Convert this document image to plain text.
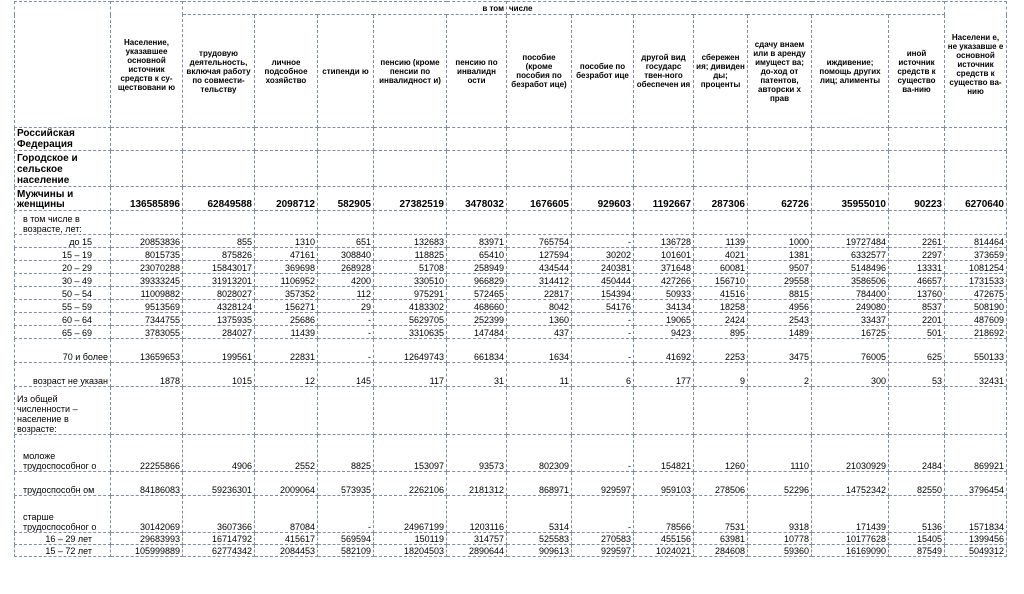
	Население, указавшее основной источник средств к су-ществовани ю	в том					числе							Населени е, не указавше е основной источник средств к существо ва-нию
		трудовую деятельность, включая работу по совмести-тельству	личное подсобное хозяйство	стипенди ю	пенсию (кроме пенсии по инвалидност и)	пенсию по инвалидн ости	пособие (кроме пособия по безработ ице)	пособие по безработ ице	другой вид государс твен-ного обеспечен ия	сбережен ия; дивиден ды; проценты	сдачу внаем или в аренду имущест ва; до-ход от патентов, авторски х прав	иждивение; помощь других лиц; алименты	иной источник средств к существо ва-нию	
Российская Федерация														
Городское и сельское население														
Мужчины и женщины	136585896	62849588	2098712	582905	27382519	3478032	1676605	929603	1192667	287306	62726	35955010	90223	6270640
в том числе в возрасте, лет:														
до 15	20853836	855	1310	651	132683	83971	765754	-	136728	1139	1000	19727484	2261	814464
15 – 19	8015735	875826	47161	308840	118825	65410	127594	30202	101601	4021	1381	6332577	2297	373659
20 – 29	23070288	15843017	369698	268928	51708	258949	434544	240381	371648	60081	9507	5148496	13331	1081254
30 – 49	39333245	31913201	1106952	4200	330510	966829	314412	450444	427266	156710	29558	3586506	46657	1731533
50 – 54	11009882	8028027	357352	112	975291	572465	22817	154394	50933	41516	8815	784400	13760	472675
55 – 59	9513569	4328124	156271	29	4183302	468660	8042	54176	34134	18258	4956	249080	8537	508190
60 – 64	7344755	1375935	25686	-	5629705	252399	1360	-	19065	2424	2543	33437	2201	487609
65 – 69	3783055	284027	11439	-	3310635	147484	437	-	9423	895	1489	16725	501	218692
70 и более	13659653	199561	22831	-	12649743	661834	1634	-	41692	2253	3475	76005	625	550133
возраст не указан	1878	1015	12	145	117	31	11	6	177	9	2	300	53	32431
Из общей численности – население в возрасте:														
моложе трудоспособног о	22255866	4906	2552	8825	153097	93573	802309	-	154821	1260	1110	21030929	2484	869921
трудоспособн ом	84186083	59236301	2009064	573935	2262106	2181312	868971	929597	959103	278506	52296	14752342	82550	3796454
старше трудоспособног о	30142069	3607366	87084	-	24967199	1203116	5314	-	78566	7531	9318	171439	5136	1571834
16 – 29 лет	29683993	16714792	415617	569594	150119	314757	525583	270583	455156	63981	10778	10177628	15405	1399456
15 – 72 лет	105999889	62774342	2084453	582109	18204503	2890644	909613	929597	1024021	284608	59360	16169090	87549	5049312
